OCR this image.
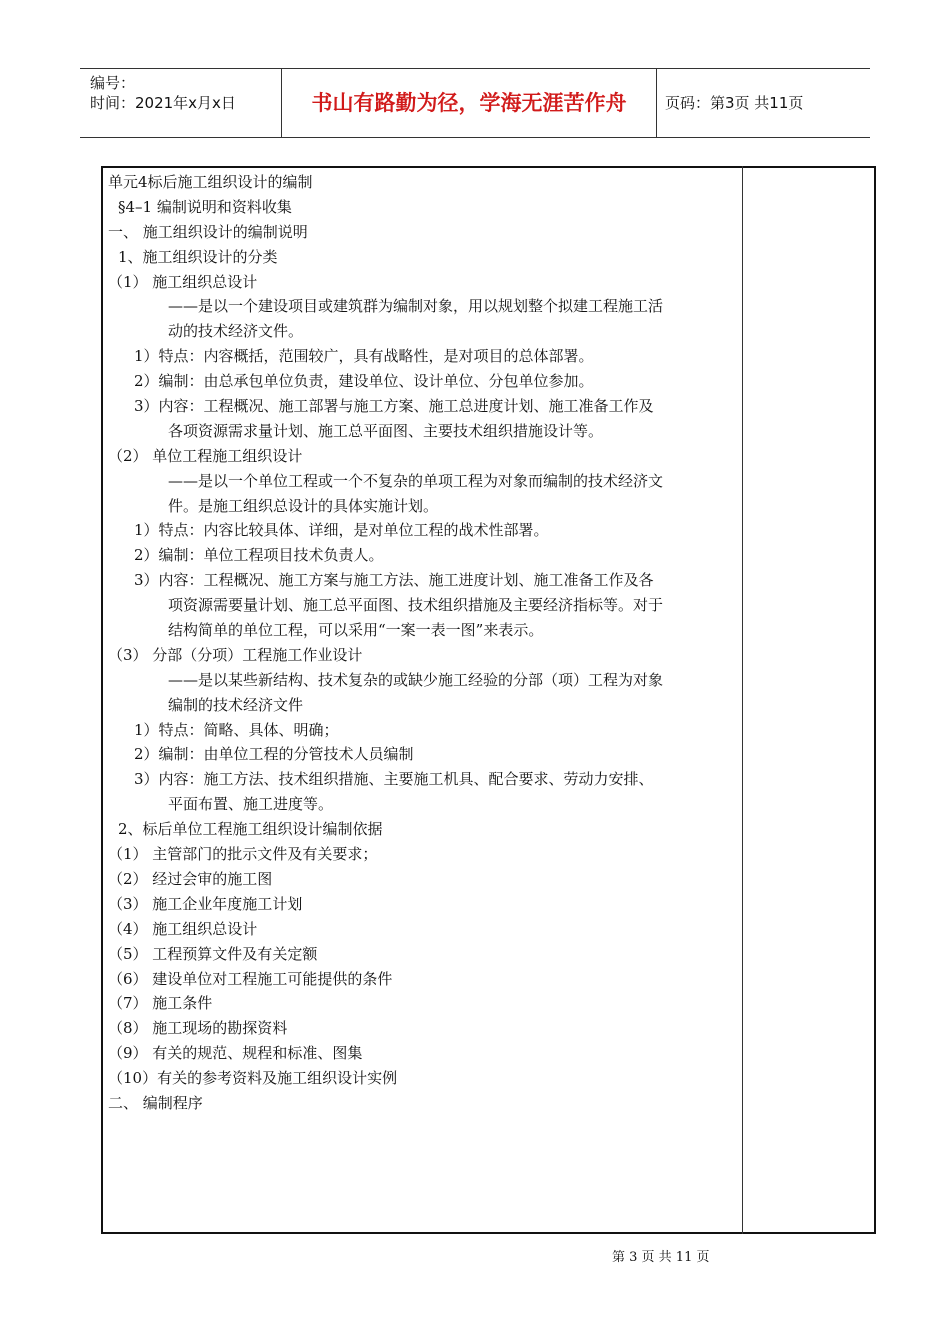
编号：
时间：2021年x月x日	书山有路勤为径，学海无涯苦作舟	页码：第3页 共11页
单元4标后施工组织设计的编制
§4–1 编制说明和资料收集
一、 施工组织设计的编制说明
1、施工组织设计的分类
（1） 施工组织总设计
——是以一个建设项目或建筑群为编制对象，用以规划整个拟建工程施工活
动的技术经济文件。
1）特点：内容概括，范围较广，具有战略性，是对项目的总体部署。
2）编制：由总承包单位负责，建设单位、设计单位、分包单位参加。
3）内容：工程概况、施工部署与施工方案、施工总进度计划、施工准备工作及
各项资源需求量计划、施工总平面图、主要技术组织措施设计等。
（2） 单位工程施工组织设计
——是以一个单位工程或一个不复杂的单项工程为对象而编制的技术经济文
件。是施工组织总设计的具体实施计划。
1）特点：内容比较具体、详细，是对单位工程的战术性部署。
2）编制：单位工程项目技术负责人。
3）内容：工程概况、施工方案与施工方法、施工进度计划、施工准备工作及各
项资源需要量计划、施工总平面图、技术组织措施及主要经济指标等。对于
结构简单的单位工程，可以采用“一案一表一图”来表示。
（3） 分部（分项）工程施工作业设计
——是以某些新结构、技术复杂的或缺少施工经验的分部（项）工程为对象
编制的技术经济文件
1）特点：简略、具体、明确；
2）编制：由单位工程的分管技术人员编制
3）内容：施工方法、技术组织措施、主要施工机具、配合要求、劳动力安排、
平面布置、施工进度等。
2、标后单位工程施工组织设计编制依据
（1） 主管部门的批示文件及有关要求；
（2） 经过会审的施工图
（3） 施工企业年度施工计划
（4） 施工组织总设计
（5） 工程预算文件及有关定额
（6） 建设单位对工程施工可能提供的条件
（7） 施工条件
（8） 施工现场的勘探资料
（9） 有关的规范、规程和标准、图集
（10）有关的参考资料及施工组织设计实例
二、 编制程序
第 3 页 共 11 页
